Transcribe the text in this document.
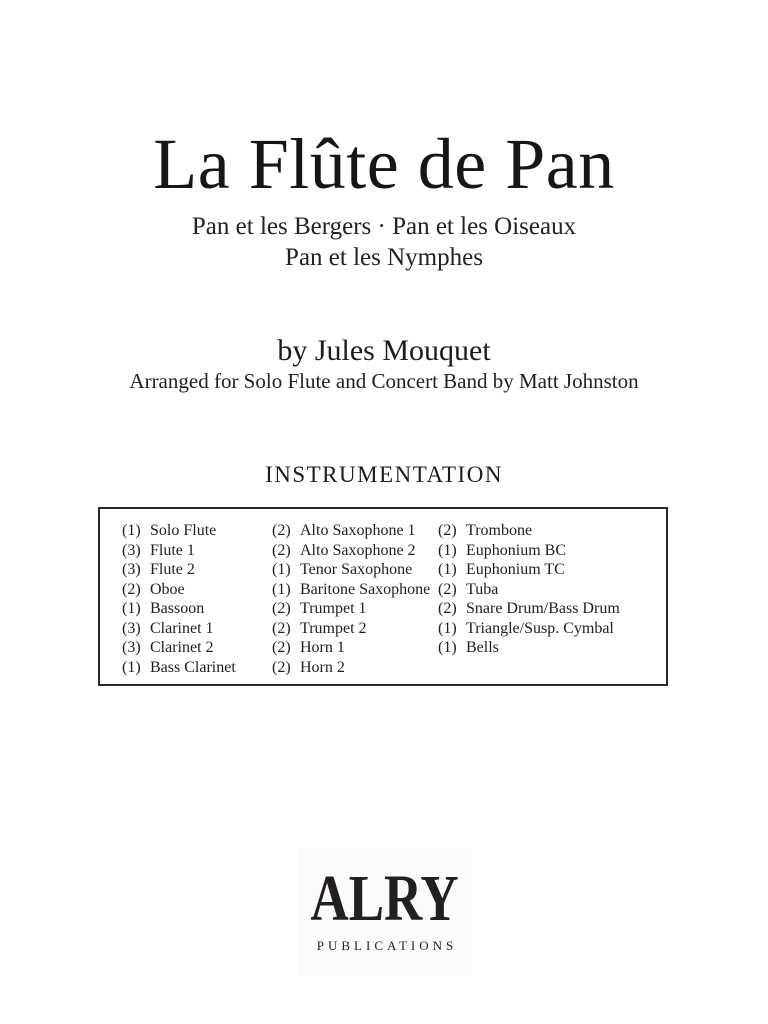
La Flûte de Pan
Pan et les Bergers · Pan et les Oiseaux
Pan et les Nymphes
by Jules Mouquet
Arranged for Solo Flute and Concert Band by Matt Johnston
INSTRUMENTATION
(1) Solo Flute
(3) Flute 1
(3) Flute 2
(2) Oboe
(1) Bassoon
(3) Clarinet 1
(3) Clarinet 2
(1) Bass Clarinet
(2) Alto Saxophone 1
(2) Alto Saxophone 2
(1) Tenor Saxophone
(1) Baritone Saxophone
(2) Trumpet 1
(2) Trumpet 2
(2) Horn 1
(2) Horn 2
(2) Trombone
(1) Euphonium BC
(1) Euphonium TC
(2) Tuba
(2) Snare Drum/Bass Drum
(1) Triangle/Susp. Cymbal
(1) Bells
ALRY
PUBLICATIONS
